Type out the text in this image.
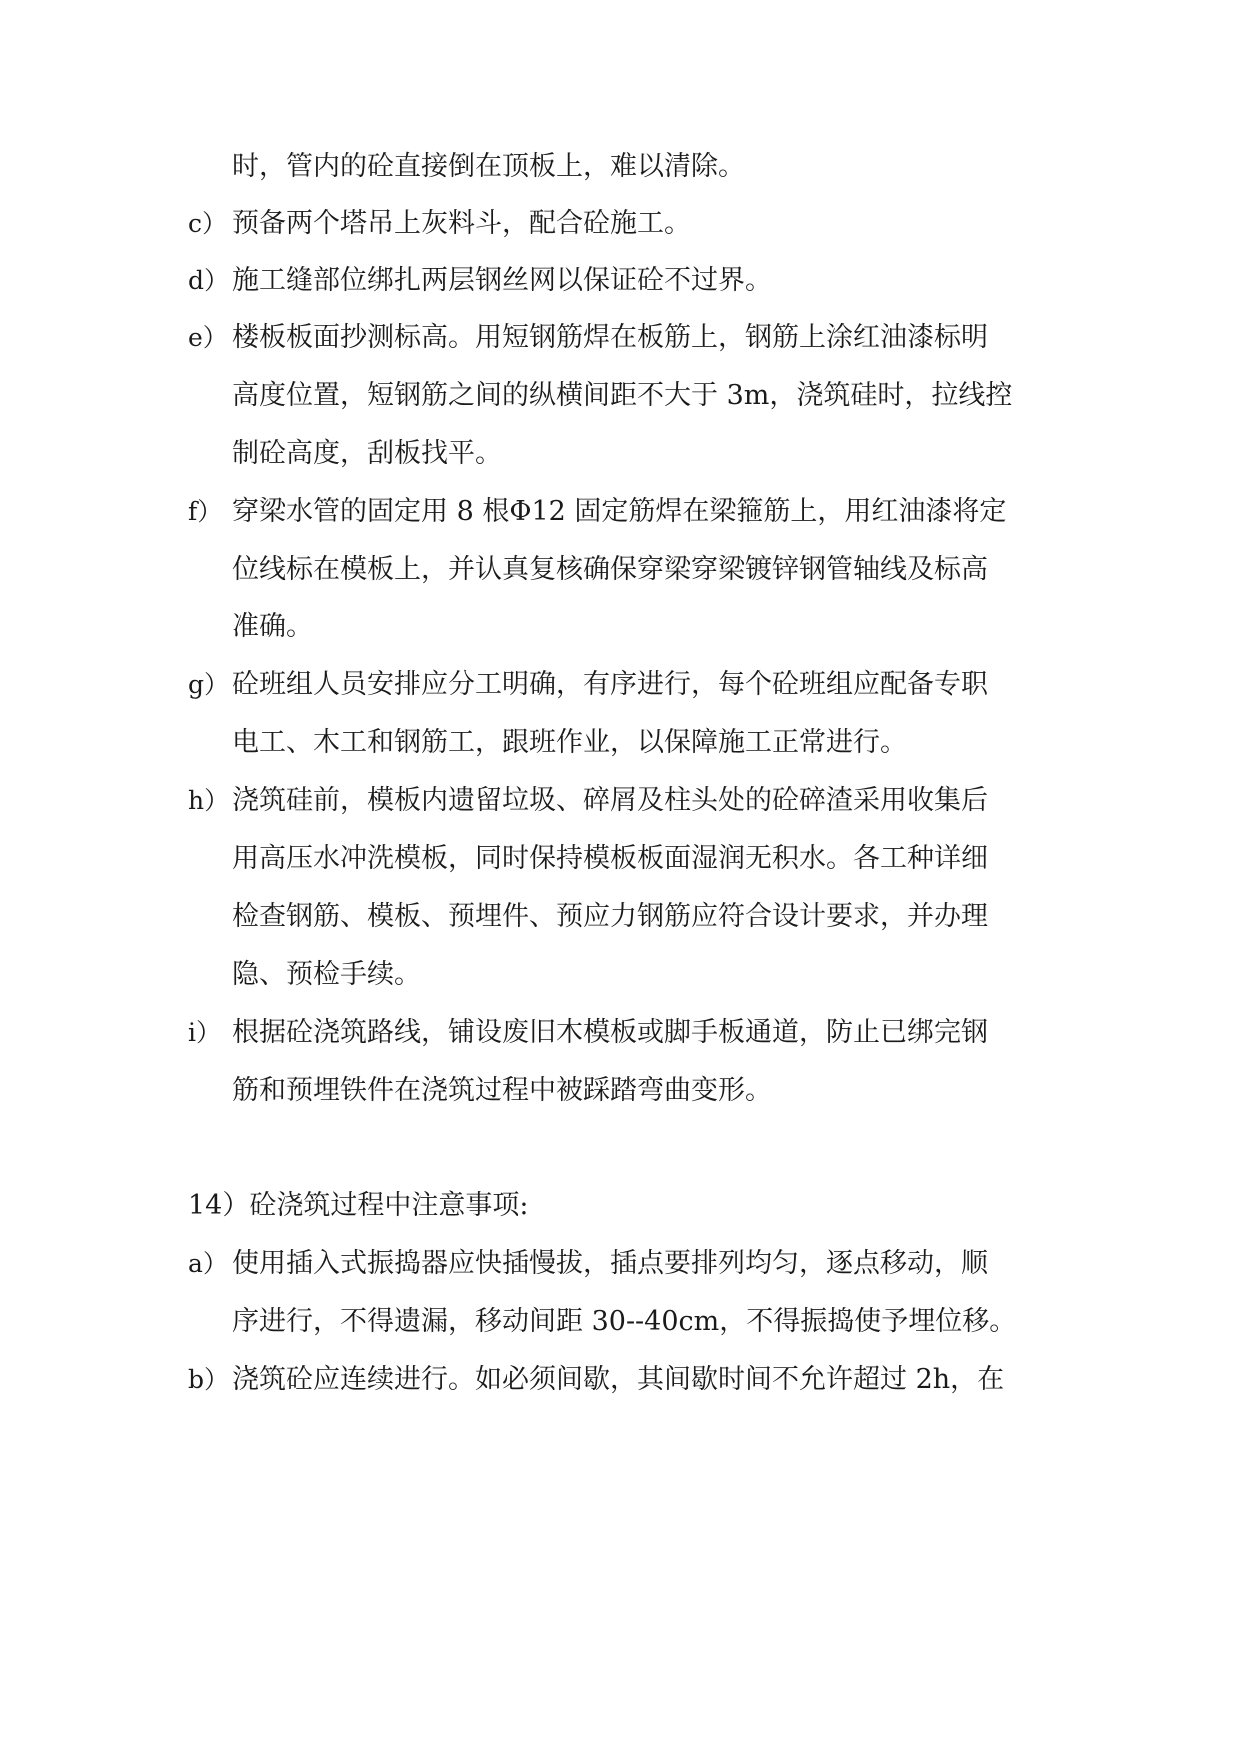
时，管内的砼直接倒在顶板上，难以清除。
c） 预备两个塔吊上灰料斗，配合砼施工。
d） 施工缝部位绑扎两层钢丝网以保证砼不过界。
e） 楼板板面抄测标高。用短钢筋焊在板筋上，钢筋上涂红油漆标明
高度位置，短钢筋之间的纵横间距不大于 3m，浇筑硅时，拉线控
制砼高度，刮板找平。
f） 穿梁水管的固定用 8 根Φ12 固定筋焊在梁箍筋上，用红油漆将定
位线标在模板上，并认真复核确保穿梁穿梁镀锌钢管轴线及标高
准确。
g） 砼班组人员安排应分工明确，有序进行，每个砼班组应配备专职
电工、木工和钢筋工，跟班作业，以保障施工正常进行。
h） 浇筑硅前，模板内遗留垃圾、碎屑及柱头处的砼碎渣采用收集后
用高压水冲洗模板，同时保持模板板面湿润无积水。各工种详细
检查钢筋、模板、预埋件、预应力钢筋应符合设计要求，并办理
隐、预检手续。
i） 根据砼浇筑路线，铺设废旧木模板或脚手板通道，防止已绑完钢
筋和预埋铁件在浇筑过程中被踩踏弯曲变形。
14）砼浇筑过程中注意事项:
a） 使用插入式振捣器应快插慢拔，插点要排列均匀，逐点移动，顺
序进行，不得遗漏，移动间距 30--40cm，不得振捣使予埋位移。
b） 浇筑砼应连续进行。如必须间歇，其间歇时间不允许超过 2h，在
